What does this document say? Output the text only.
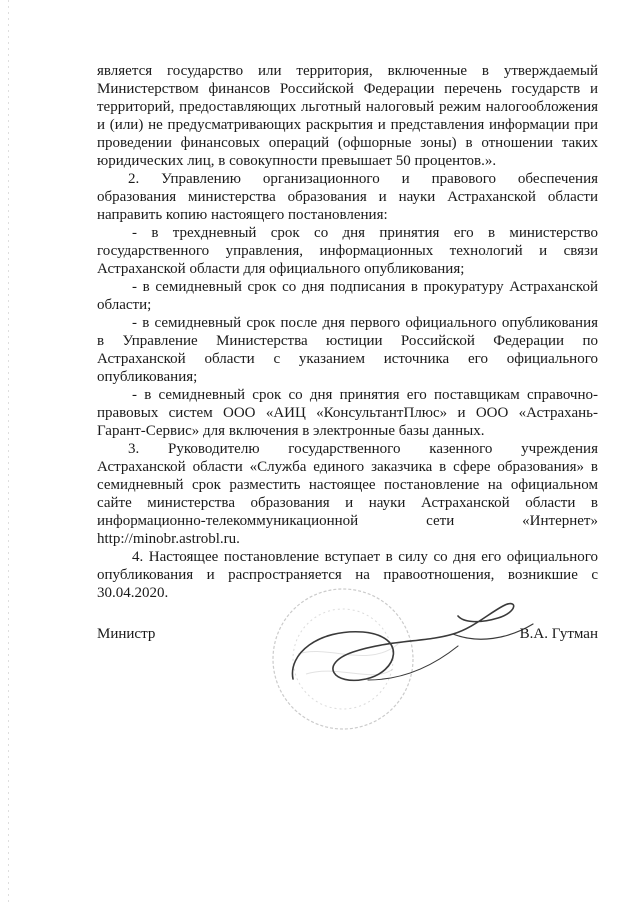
является государство или территория, включенные в утверждаемый
Министерством финансов Российской Федерации перечень государств и
территорий, предоставляющих льготный налоговый режим налогообложения
и (или) не предусматривающих раскрытия и представления информации при
проведении финансовых операций (офшорные зоны) в отношении таких
юридических лиц, в совокупности превышает 50 процентов.».
2. Управлению организационного и правового обеспечения
образования министерства образования и науки Астраханской области
направить копию настоящего постановления:
- в трехдневный срок со дня принятия его в министерство
государственного управления, информационных технологий и связи
Астраханской области для официального опубликования;
- в семидневный срок со дня подписания в прокуратуру Астраханской
области;
- в семидневный срок после дня первого официального опубликования
в Управление Министерства юстиции Российской Федерации по
Астраханской области с указанием источника его официального
опубликования;
- в семидневный срок со дня принятия его поставщикам справочно-
правовых систем ООО «АИЦ «КонсультантПлюс» и ООО «Астрахань-
Гарант-Сервис» для включения в электронные базы данных.
3. Руководителю государственного казенного учреждения
Астраханской области «Служба единого заказчика в сфере образования» в
семидневный срок разместить настоящее постановление на официальном
сайте министерства образования и науки Астраханской области в
информационно-телекоммуникационной сети «Интернет»
http://minobr.astrobl.ru.
4. Настоящее постановление вступает в силу со дня его официального
опубликования и распространяется на правоотношения, возникшие с
30.04.2020.
Министр	В.А. Гутман
